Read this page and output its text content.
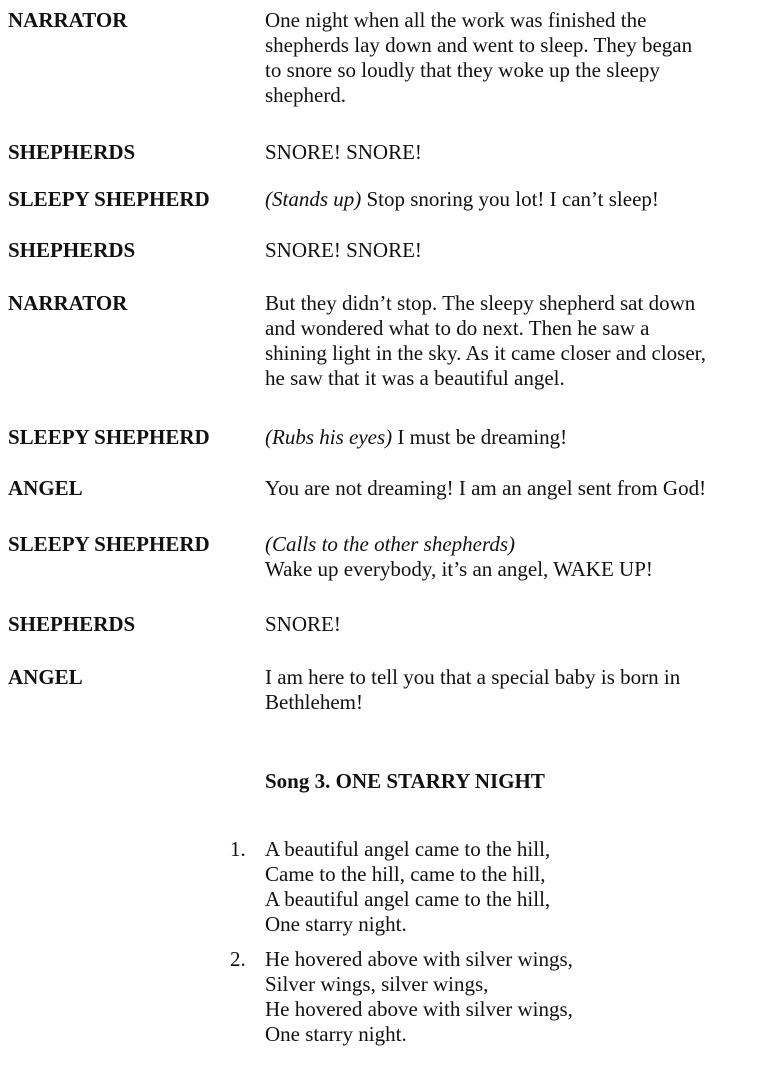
NARRATOR	One night when all the work was finished the
shepherds lay down and went to sleep. They began
to snore so loudly that they woke up the sleepy
shepherd.
SHEPHERDS	SNORE! SNORE!
SLEEPY SHEPHERD	(Stands up) Stop snoring you lot! I can’t sleep!
SHEPHERDS	SNORE! SNORE!
NARRATOR	But they didn’t stop. The sleepy shepherd sat down
and wondered what to do next. Then he saw a
shining light in the sky. As it came closer and closer,
he saw that it was a beautiful angel.
SLEEPY SHEPHERD	(Rubs his eyes) I must be dreaming!
ANGEL	You are not dreaming! I am an angel sent from God!
SLEEPY SHEPHERD	(Calls to the other shepherds)
Wake up everybody, it’s an angel, WAKE UP!
SHEPHERDS	SNORE!
ANGEL	I am here to tell you that a special baby is born in
Bethlehem!
Song 3. ONE STARRY NIGHT
1. A beautiful angel came to the hill,
Came to the hill, came to the hill,
A beautiful angel came to the hill,
One starry night.
2. He hovered above with silver wings,
Silver wings, silver wings,
He hovered above with silver wings,
One starry night.
